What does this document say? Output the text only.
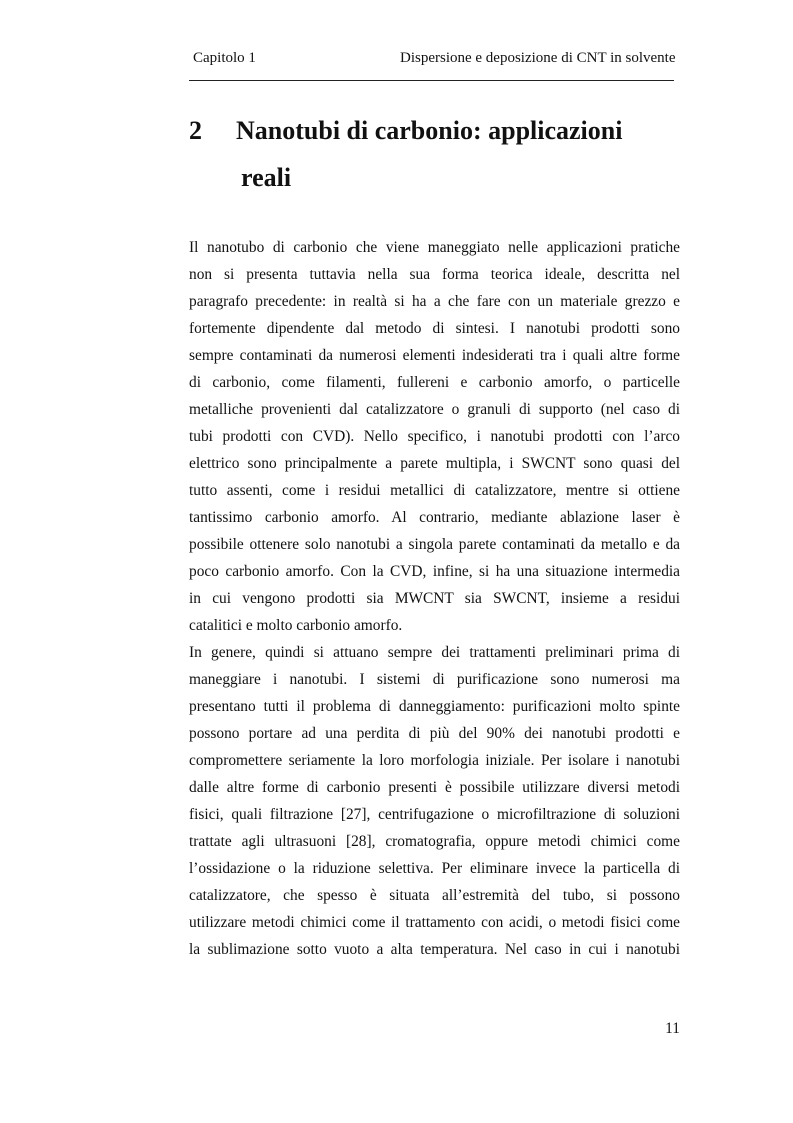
Capitolo 1	Dispersione e deposizione di CNT in solvente
2 Nanotubi di carbonio: applicazioni
reali
Il nanotubo di carbonio che viene maneggiato nelle applicazioni pratiche
non si presenta tuttavia nella sua forma teorica ideale, descritta nel
paragrafo precedente: in realtà si ha a che fare con un materiale grezzo e
fortemente dipendente dal metodo di sintesi. I nanotubi prodotti sono
sempre contaminati da numerosi elementi indesiderati tra i quali altre forme
di carbonio, come filamenti, fullereni e carbonio amorfo, o particelle
metalliche provenienti dal catalizzatore o granuli di supporto (nel caso di
tubi prodotti con CVD). Nello specifico, i nanotubi prodotti con l’arco
elettrico sono principalmente a parete multipla, i SWCNT sono quasi del
tutto assenti, come i residui metallici di catalizzatore, mentre si ottiene
tantissimo carbonio amorfo. Al contrario, mediante ablazione laser è
possibile ottenere solo nanotubi a singola parete contaminati da metallo e da
poco carbonio amorfo. Con la CVD, infine, si ha una situazione intermedia
in cui vengono prodotti sia MWCNT sia SWCNT, insieme a residui
catalitici e molto carbonio amorfo.
In genere, quindi si attuano sempre dei trattamenti preliminari prima di
maneggiare i nanotubi. I sistemi di purificazione sono numerosi ma
presentano tutti il problema di danneggiamento: purificazioni molto spinte
possono portare ad una perdita di più del 90% dei nanotubi prodotti e
compromettere seriamente la loro morfologia iniziale. Per isolare i nanotubi
dalle altre forme di carbonio presenti è possibile utilizzare diversi metodi
fisici, quali filtrazione [27], centrifugazione o microfiltrazione di soluzioni
trattate agli ultrasuoni [28], cromatografia, oppure metodi chimici come
l’ossidazione o la riduzione selettiva. Per eliminare invece la particella di
catalizzatore, che spesso è situata all’estremità del tubo, si possono
utilizzare metodi chimici come il trattamento con acidi, o metodi fisici come
la sublimazione sotto vuoto a alta temperatura. Nel caso in cui i nanotubi
11
